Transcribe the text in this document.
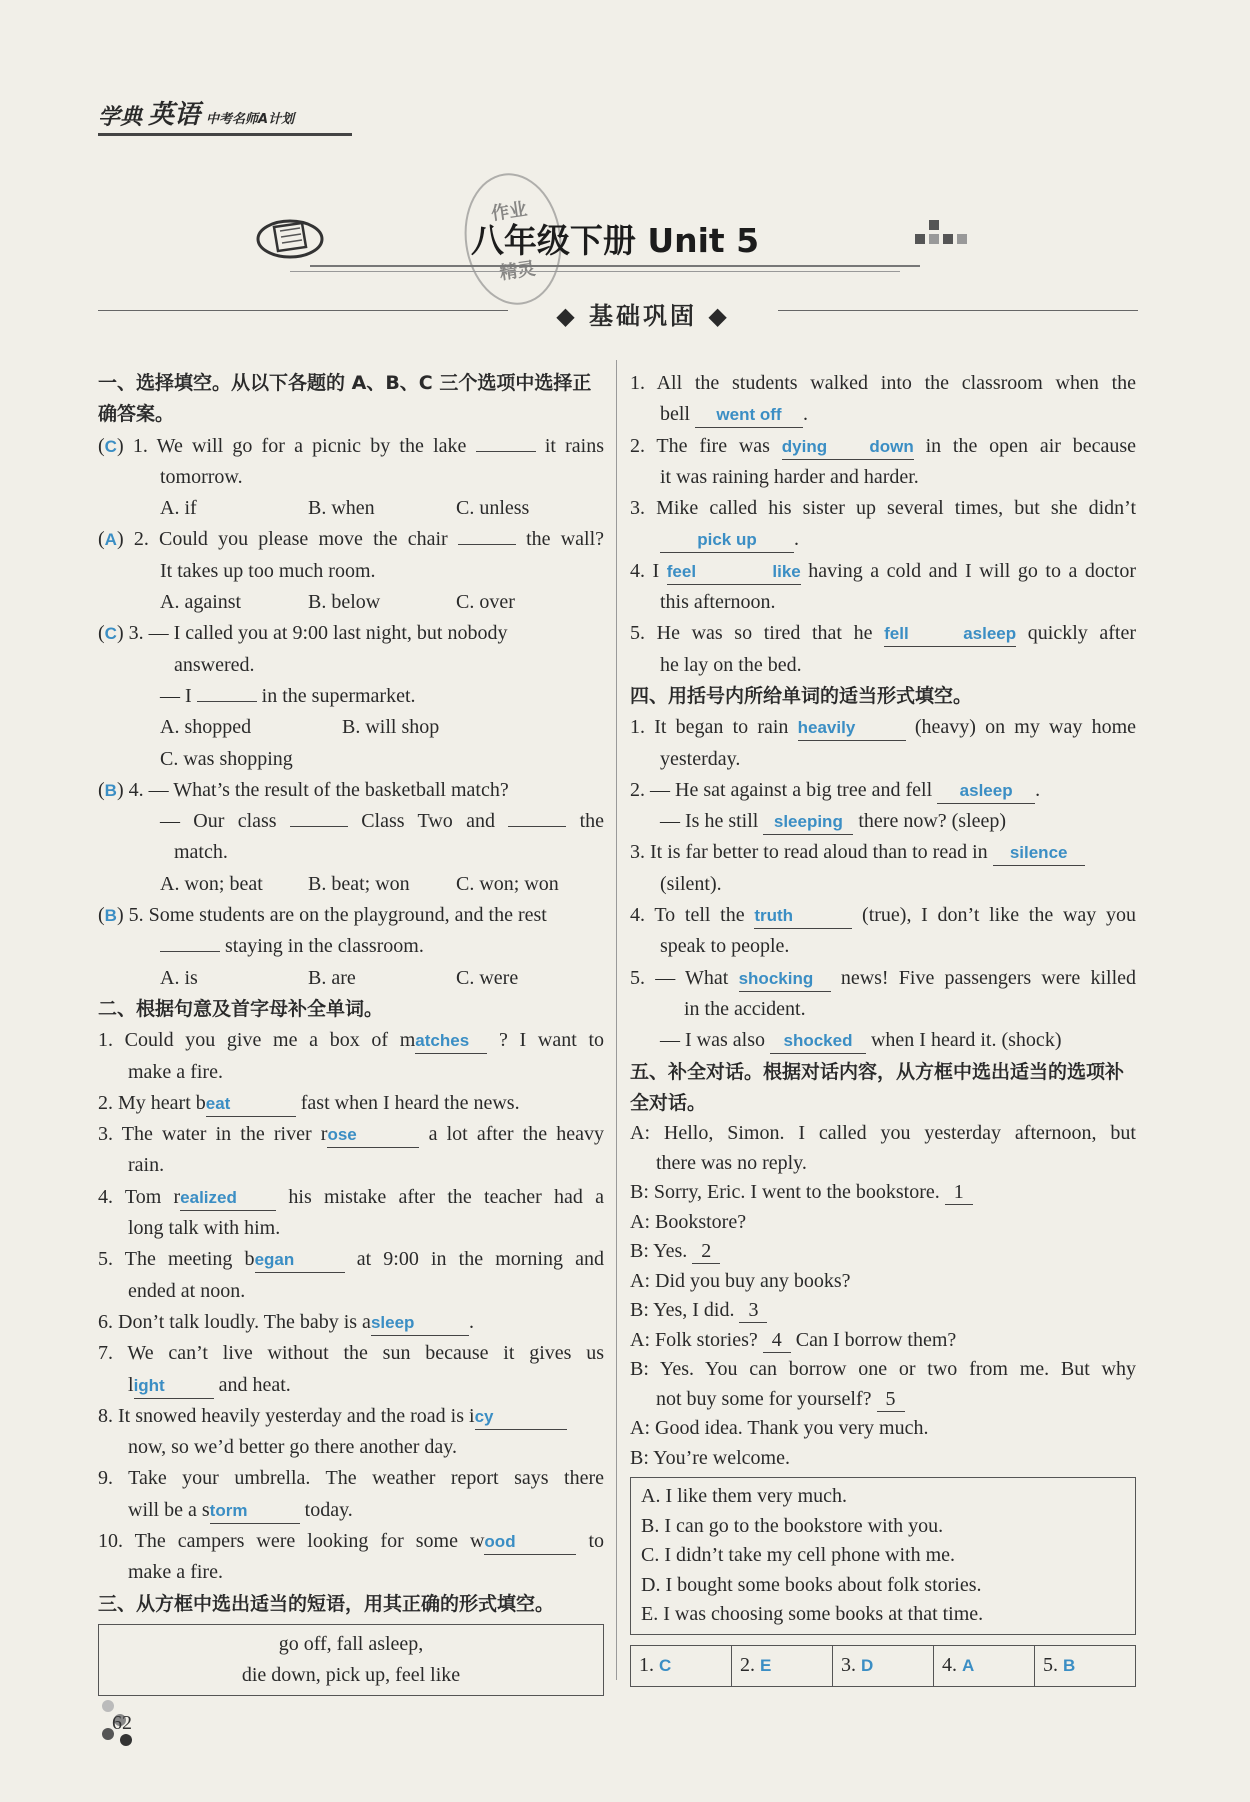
学典 英语 中考名师A计划
作业
精灵
八年级下册 Unit 5
◆ 基础巩固 ◆
一、选择填空。从以下各题的 A、B、C 三个选项中选择正确答案。
(C) 1. We will go for a picnic by the lake	it rains
tomorrow.
A. if	B. when	C. unless
(A) 2. Could you please move the chair	the wall?
It takes up too much room.
A. against	B. below	C. over
(C) 3. — I called you at 9:00 last night, but nobody
answered.
— I	in the supermarket.
A. shopped	B. will shop
C. was shopping
(B) 4. — What’s the result of the basketball match?
— Our class	Class Two and	the
match.
A. won; beat	B. beat; won	C. won; won
(B) 5. Some students are on the playground, and the rest
staying in the classroom.
A. is	B. are	C. were
二、根据句意及首字母补全单词。
1. Could you give me a box of matches ? I want to
make a fire.
2. My heart beat	fast when I heard the news.
3. The water in the river rose	a lot after the heavy
rain.
4. Tom realized	his mistake after the teacher had a
long talk with him.
5. The meeting began	at 9:00 in the morning and
ended at noon.
6. Don’t talk loudly. The baby is asleep	.
7. We can’t live without the sun because it gives us
light	and heat.
8. It snowed heavily yesterday and the road is icy
now, so we’d better go there another day.
9. Take your umbrella. The weather report says there
will be a storm	today.
10. The campers were looking for some wood	to
make a fire.
三、从方框中选出适当的短语，用其正确的形式填空。
go off, fall asleep,
die down, pick up, feel like
1. All the students walked into the classroom when the
bell went off .
2. The fire was dying down in the open air because
it was raining harder and harder.
3. Mike called his sister up several times, but she didn’t
pick up .
4. I feel like having a cold and I will go to a doctor
this afternoon.
5. He was so tired that he fell asleep quickly after
he lay on the bed.
四、用括号内所给单词的适当形式填空。
1. It began to rain heavily	(heavy) on my way home
yesterday.
2. — He sat against a big tree and fell asleep .
— Is he still sleeping there now? (sleep)
3. It is far better to read aloud than to read in silence
(silent).
4. To tell the truth	(true), I don’t like the way you
speak to people.
5. — What shocking news! Five passengers were killed
in the accident.
— I was also shocked when I heard it. (shock)
五、补全对话。根据对话内容，从方框中选出适当的选项补全对话。
A: Hello, Simon. I called you yesterday afternoon, but
there was no reply.
B: Sorry, Eric. I went to the bookstore. 1
A: Bookstore?
B: Yes. 2
A: Did you buy any books?
B: Yes, I did. 3
A: Folk stories? 4 Can I borrow them?
B: Yes. You can borrow one or two from me. But why
not buy some for yourself? 5
A: Good idea. Thank you very much.
B: You’re welcome.
A. I like them very much.
B. I can go to the bookstore with you.
C. I didn’t take my cell phone with me.
D. I bought some books about folk stories.
E. I was choosing some books at that time.
1. C	2. E	3. D	4. A	5. B
62
